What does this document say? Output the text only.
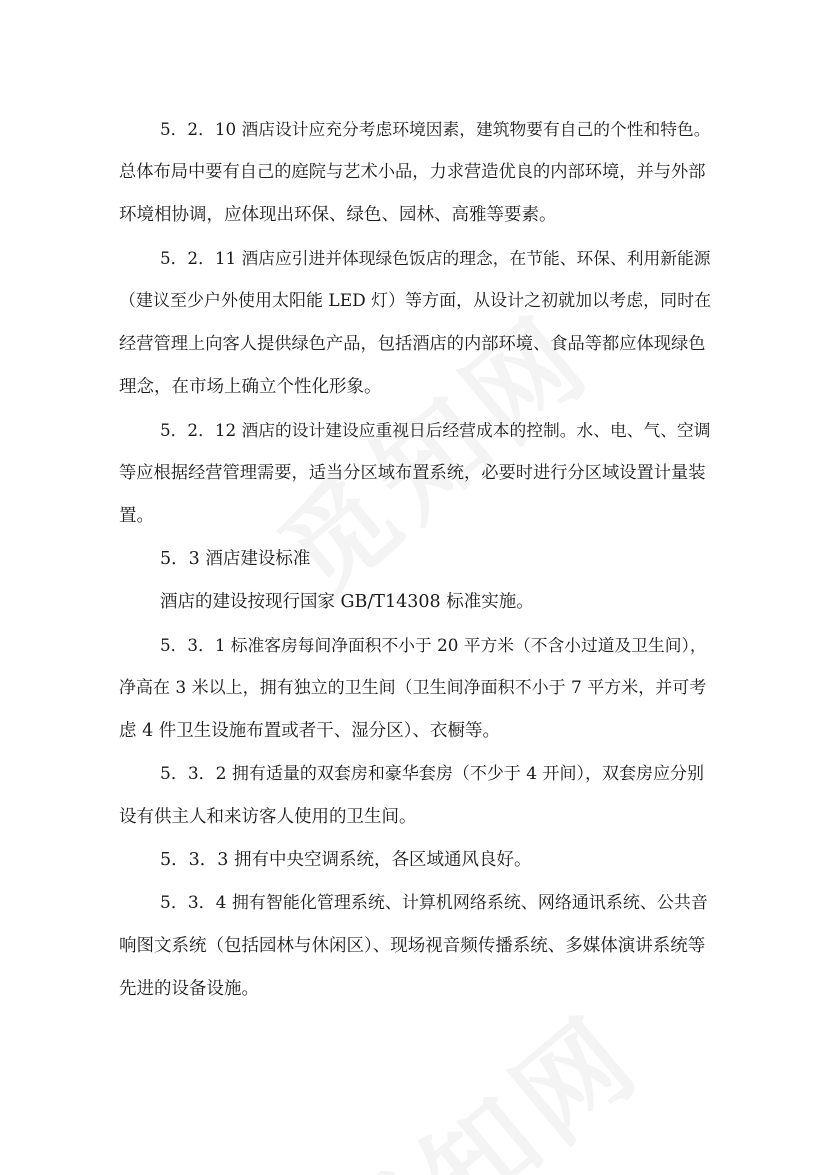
5．2．10 酒店设计应充分考虑环境因素，建筑物要有自己的个性和特色。
总体布局中要有自己的庭院与艺术小品，力求营造优良的内部环境，并与外部
环境相协调，应体现出环保、绿色、园林、高雅等要素。

5．2．11 酒店应引进并体现绿色饭店的理念，在节能、环保、利用新能源
（建议至少户外使用太阳能 LED 灯）等方面，从设计之初就加以考虑，同时在
经营管理上向客人提供绿色产品，包括酒店的内部环境、食品等都应体现绿色
理念，在市场上确立个性化形象。

5．2．12 酒店的设计建设应重视日后经营成本的控制。水、电、气、空调
等应根据经营管理需要，适当分区域布置系统，必要时进行分区域设置计量装
置。

5．3 酒店建设标准

酒店的建设按现行国家 GB/T14308 标准实施。

5．3．1 标准客房每间净面积不小于 20 平方米（不含小过道及卫生间），
净高在 3 米以上，拥有独立的卫生间（卫生间净面积不小于 7 平方米，并可考
虑 4 件卫生设施布置或者干、湿分区）、衣橱等。

5．3．2 拥有适量的双套房和豪华套房（不少于 4 开间），双套房应分别
设有供主人和来访客人使用的卫生间。

5．3．3 拥有中央空调系统，各区域通风良好。

5．3．4 拥有智能化管理系统、计算机网络系统、网络通讯系统、公共音
响图文系统（包括园林与休闲区）、现场视音频传播系统、多媒体演讲系统等
先进的设备设施。
